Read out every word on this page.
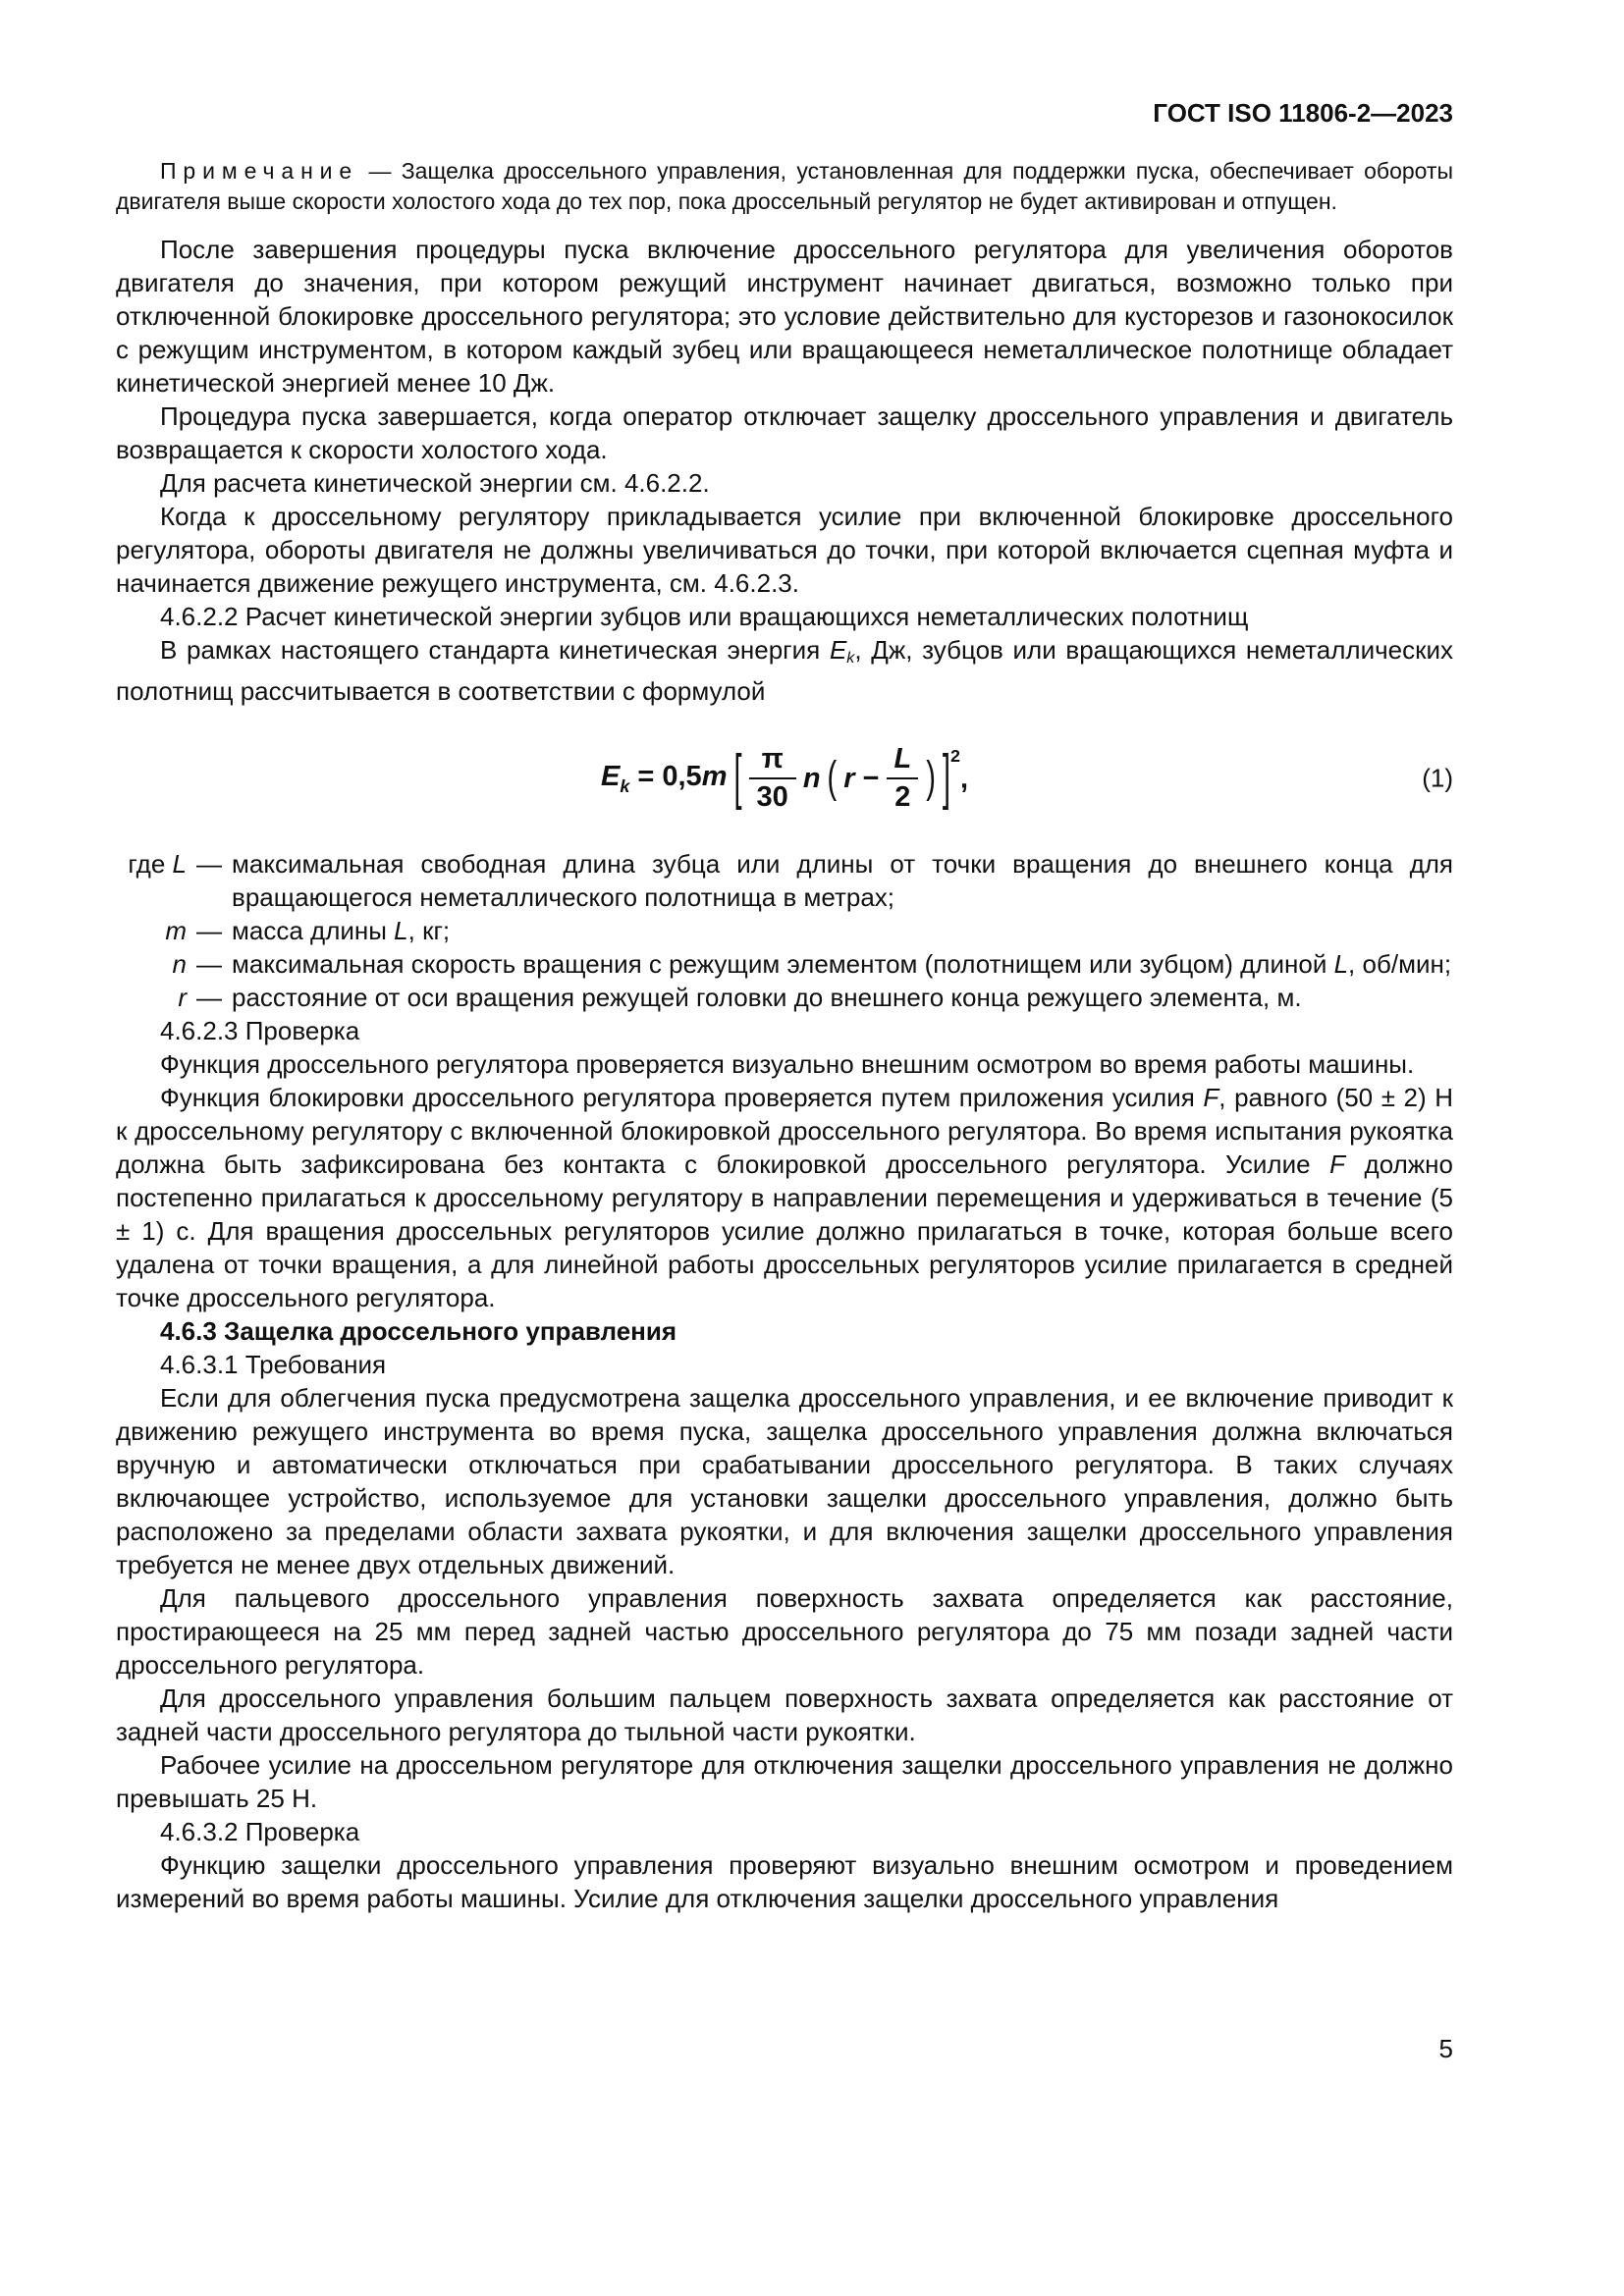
ГОСТ ISO 11806-2—2023

Примечание — Защелка дроссельного управления, установленная для поддержки пуска, обеспечивает обороты двигателя выше скорости холостого хода до тех пор, пока дроссельный регулятор не будет активирован и отпущен.

После завершения процедуры пуска включение дроссельного регулятора для увеличения оборотов двигателя до значения, при котором режущий инструмент начинает двигаться, возможно только при отключенной блокировке дроссельного регулятора; это условие действительно для кусторезов и газонокосилок с режущим инструментом, в котором каждый зубец или вращающееся неметаллическое полотнище обладает кинетической энергией менее 10 Дж.

Процедура пуска завершается, когда оператор отключает защелку дроссельного управления и двигатель возвращается к скорости холостого хода.

Для расчета кинетической энергии см. 4.6.2.2.

Когда к дроссельному регулятору прикладывается усилие при включенной блокировке дроссельного регулятора, обороты двигателя не должны увеличиваться до точки, при которой включается сцепная муфта и начинается движение режущего инструмента, см. 4.6.2.3.

4.6.2.2 Расчет кинетической энергии зубцов или вращающихся неметаллических полотнищ

В рамках настоящего стандарта кинетическая энергия Ek, Дж, зубцов или вращающихся неметаллических полотнищ рассчитывается в соответствии с формулой

$E_k = 0,5m$ [ $\frac{\pi}{30}$ n ( $r - \frac{L}{2}$ ) ]$^2$,	(1)
где L — максимальная свободная длина зубца или длины от точки вращения до внешнего конца для вращающегося неметаллического полотнища в метрах;
m — масса длины L, кг;
n — максимальная скорость вращения с режущим элементом (полотнищем или зубцом) длиной L, об/мин;
r — расстояние от оси вращения режущей головки до внешнего конца режущего элемента, м.

4.6.2.3 Проверка

Функция дроссельного регулятора проверяется визуально внешним осмотром во время работы машины.

Функция блокировки дроссельного регулятора проверяется путем приложения усилия F, равного (50 ± 2) Н к дроссельному регулятору с включенной блокировкой дроссельного регулятора. Во время испытания рукоятка должна быть зафиксирована без контакта с блокировкой дроссельного регулятора. Усилие F должно постепенно прилагаться к дроссельному регулятору в направлении перемещения и удерживаться в течение (5 ± 1) с. Для вращения дроссельных регуляторов усилие должно прилагаться в точке, которая больше всего удалена от точки вращения, а для линейной работы дроссельных регуляторов усилие прилагается в средней точке дроссельного регулятора.

4.6.3 Защелка дроссельного управления

4.6.3.1 Требования

Если для облегчения пуска предусмотрена защелка дроссельного управления, и ее включение приводит к движению режущего инструмента во время пуска, защелка дроссельного управления должна включаться вручную и автоматически отключаться при срабатывании дроссельного регулятора. В таких случаях включающее устройство, используемое для установки защелки дроссельного управления, должно быть расположено за пределами области захвата рукоятки, и для включения защелки дроссельного управления требуется не менее двух отдельных движений.

Для пальцевого дроссельного управления поверхность захвата определяется как расстояние, простирающееся на 25 мм перед задней частью дроссельного регулятора до 75 мм позади задней части дроссельного регулятора.

Для дроссельного управления большим пальцем поверхность захвата определяется как расстояние от задней части дроссельного регулятора до тыльной части рукоятки.

Рабочее усилие на дроссельном регуляторе для отключения защелки дроссельного управления не должно превышать 25 Н.

4.6.3.2 Проверка

Функцию защелки дроссельного управления проверяют визуально внешним осмотром и проведением измерений во время работы машины. Усилие для отключения защелки дроссельного управления

5
